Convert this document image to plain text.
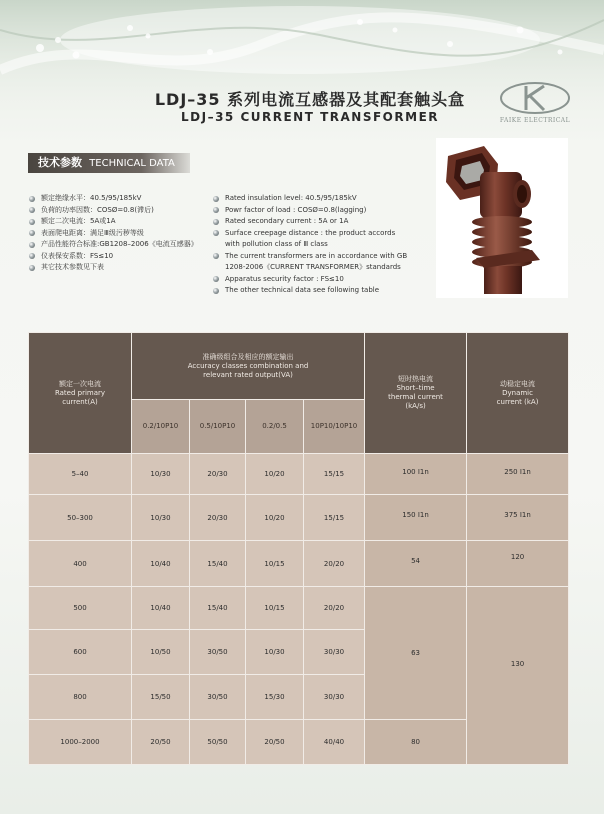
LDJ–35 系列电流互感器及其配套触头盒
LDJ–35 CURRENT TRANSFORMER	FAIKE ELECTRICAL
技术参数 TECHNICAL DATA
额定绝缘水平：40.5/95/185kV
负荷的功率因数：COSØ=0.8(滞后)
额定二次电流：5A或1A
表面爬电距离：满足Ⅲ级污秽等级
产品性能符合标准:GB1208–2006《电流互感器》
仪表保安系数：FS≤10
其它技术参数见下表
Rated insulation level: 40.5/95/185kV
Powr factor of load : COSØ=0.8(lagging)
Rated secondary current : 5A or 1A
Surface creepage distance : the product accords
with pollution class of Ⅲ class
The current transformers are in accordance with GB
1208-2006《CURRENT TRANSFORMER》standards
Apparatus security factor : FS≤10
The other technical data see following table
额定一次电流
Rated primary
current(A)	准确级组合及相应的额定输出
Accuracy classes combination and
relevant rated output(VA)				短时热电流
Short–time
thermal current
(kA/s)	动稳定电流
Dynamic
current (kA)

	0.2/10P10	0.5/10P10	0.2/0.5	10P10/10P10		
5–40	10/30	20/30	10/20	15/15	100 I1n	250 I1n
50–300	10/30	20/30	10/20	15/15	150 I1n	375 I1n
400	10/40	15/40	10/15	20/20	54	120
500	10/40	15/40	10/15	20/20	63	130
600	10/50	30/50	10/30	30/30		
800	15/50	30/50	15/30	30/30		
1000–2000	20/50	50/50	20/50	40/40	80	
